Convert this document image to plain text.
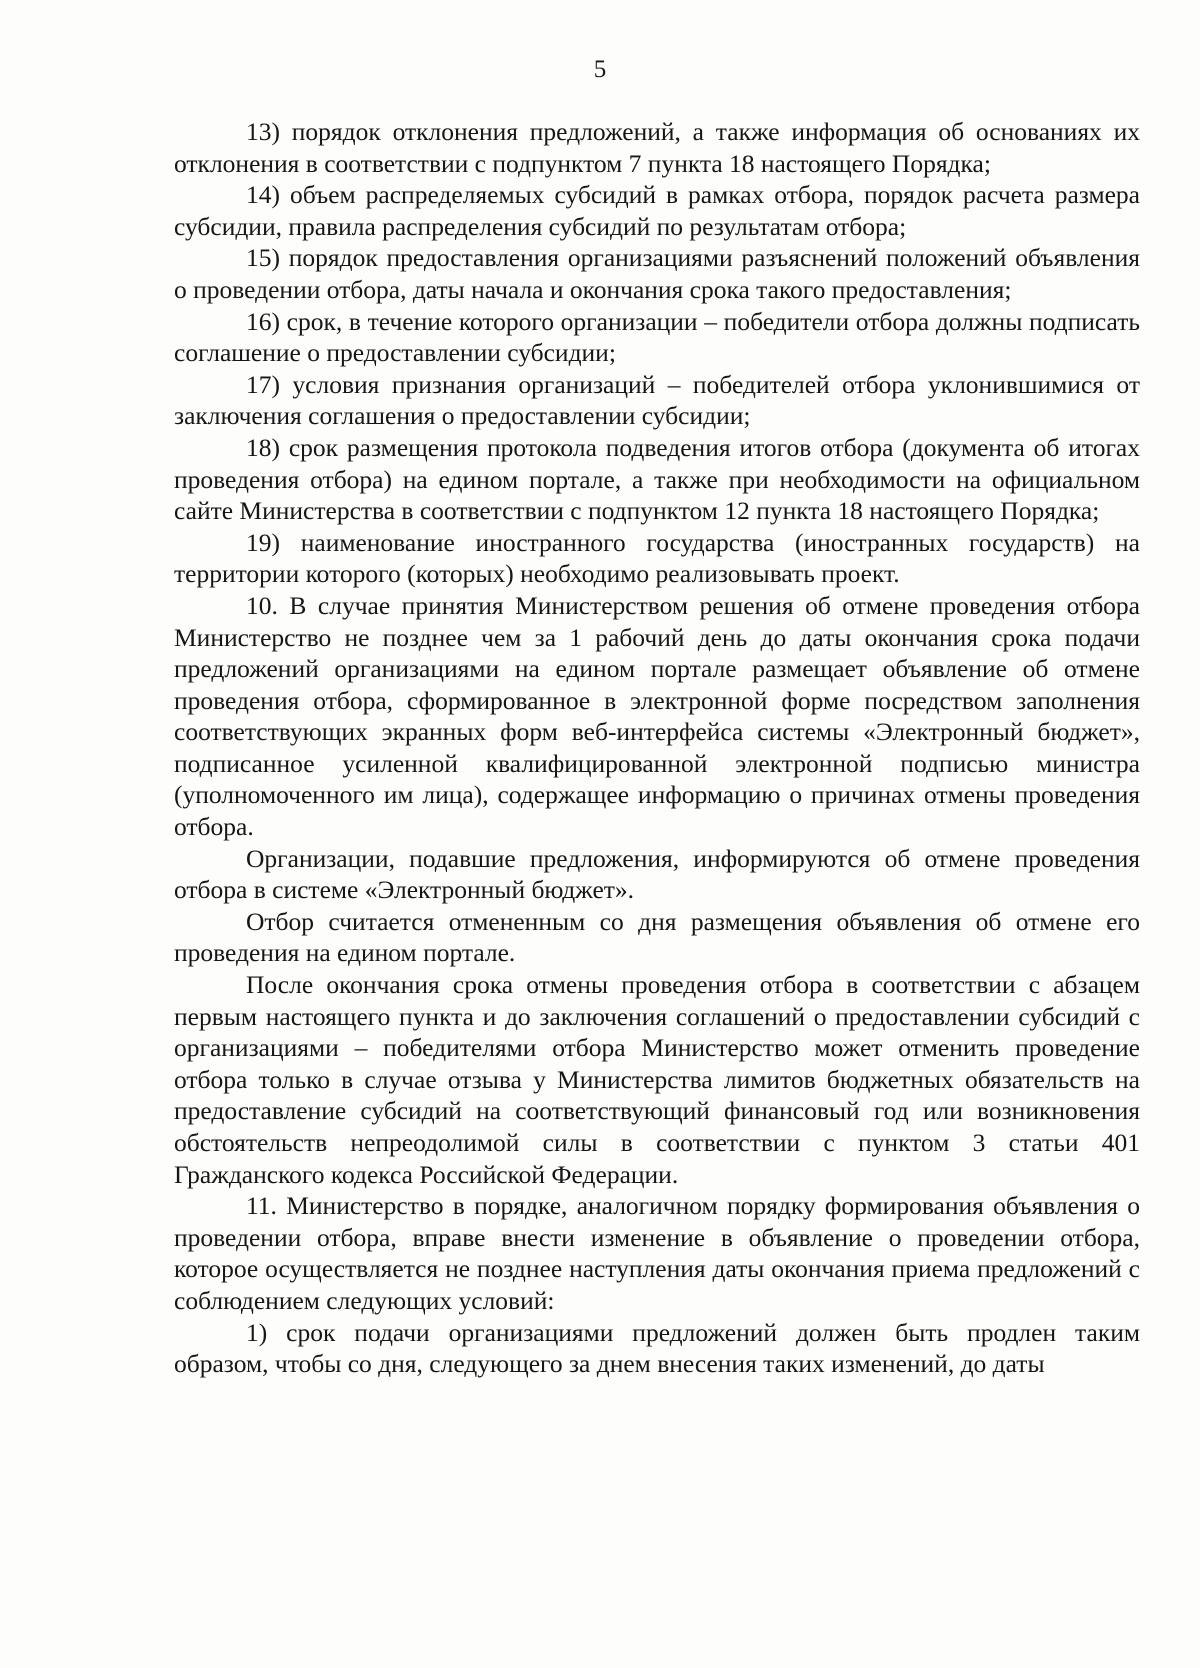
5

13) порядок отклонения предложений, а также информация об основаниях их отклонения в соответствии с подпунктом 7 пункта 18 настоящего Порядка;

14) объем распределяемых субсидий в рамках отбора, порядок расчета размера субсидии, правила распределения субсидий по результатам отбора;

15) порядок предоставления организациями разъяснений положений объявления о проведении отбора, даты начала и окончания срока такого предоставления;

16) срок, в течение которого организации – победители отбора должны подписать соглашение о предоставлении субсидии;

17) условия признания организаций – победителей отбора уклонившимися от заключения соглашения о предоставлении субсидии;

18) срок размещения протокола подведения итогов отбора (документа об итогах проведения отбора) на едином портале, а также при необходимости на официальном сайте Министерства в соответствии с подпунктом 12 пункта 18 настоящего Порядка;

19) наименование иностранного государства (иностранных государств) на территории которого (которых) необходимо реализовывать проект.

10. В случае принятия Министерством решения об отмене проведения отбора Министерство не позднее чем за 1 рабочий день до даты окончания срока подачи предложений организациями на едином портале размещает объявление об отмене проведения отбора, сформированное в электронной форме посредством заполнения соответствующих экранных форм веб-интерфейса системы «Электронный бюджет», подписанное усиленной квалифицированной электронной подписью министра (уполномоченного им лица), содержащее информацию о причинах отмены проведения отбора.

Организации, подавшие предложения, информируются об отмене проведения отбора в системе «Электронный бюджет».

Отбор считается отмененным со дня размещения объявления об отмене его проведения на едином портале.

После окончания срока отмены проведения отбора в соответствии с абзацем первым настоящего пункта и до заключения соглашений о предоставлении субсидий с организациями – победителями отбора Министерство может отменить проведение отбора только в случае отзыва у Министерства лимитов бюджетных обязательств на предоставление субсидий на соответствующий финансовый год или возникновения обстоятельств непреодолимой силы в соответствии с пунктом 3 статьи 401 Гражданского кодекса Российской Федерации.

11. Министерство в порядке, аналогичном порядку формирования объявления о проведении отбора, вправе внести изменение в объявление о проведении отбора, которое осуществляется не позднее наступления даты окончания приема предложений с соблюдением следующих условий:

1) срок подачи организациями предложений должен быть продлен таким образом, чтобы со дня, следующего за днем внесения таких изменений, до даты
